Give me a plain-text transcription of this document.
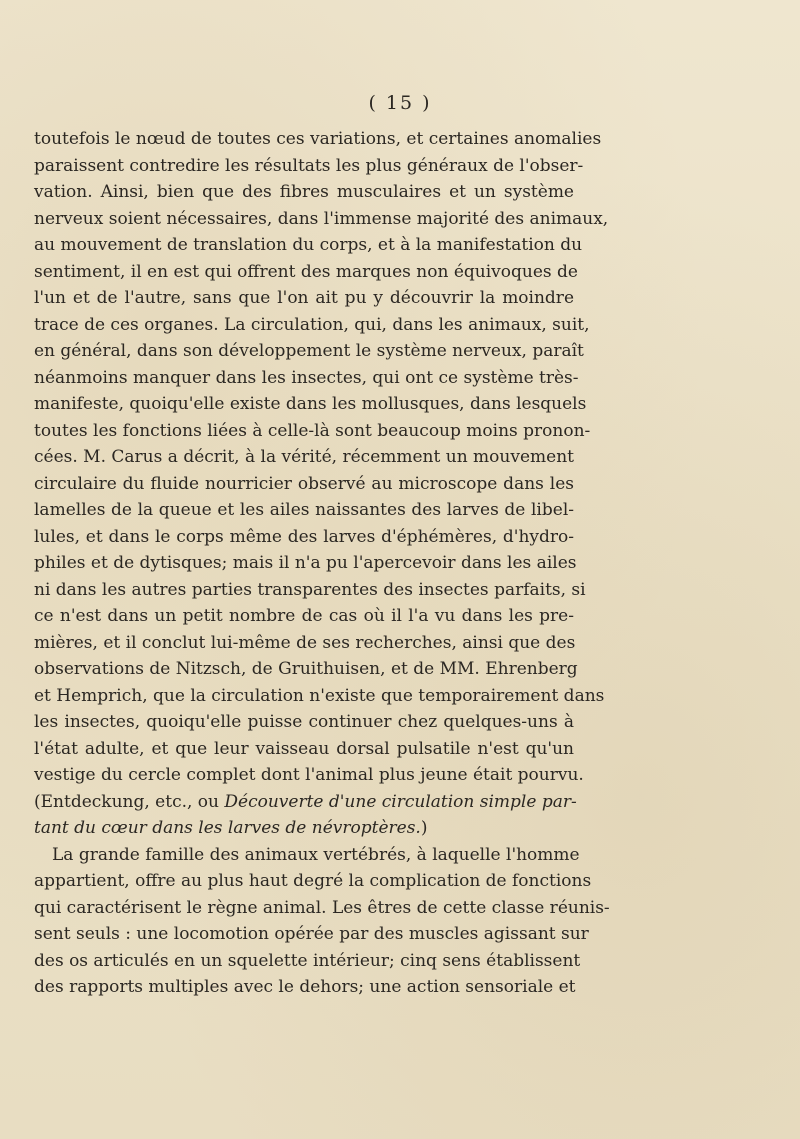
( 15 )
toutefois le nœud de toutes ces variations, et certaines anomalies
paraissent contredire les résultats les plus généraux de l'obser-
vation. Ainsi, bien que des fibres musculaires et un système
nerveux soient nécessaires, dans l'immense majorité des animaux,
au mouvement de translation du corps, et à la manifestation du
sentiment, il en est qui offrent des marques non équivoques de
l'un et de l'autre, sans que l'on ait pu y découvrir la moindre
trace de ces organes. La circulation, qui, dans les animaux, suit,
en général, dans son développement le système nerveux, paraît
néanmoins manquer dans les insectes, qui ont ce système très-
manifeste, quoiqu'elle existe dans les mollusques, dans lesquels
toutes les fonctions liées à celle-là sont beaucoup moins pronon-
cées. M. Carus a décrit, à la vérité, récemment un mouvement
circulaire du fluide nourricier observé au microscope dans les
lamelles de la queue et les ailes naissantes des larves de libel-
lules, et dans le corps même des larves d'éphémères, d'hydro-
philes et de dytisques; mais il n'a pu l'apercevoir dans les ailes
ni dans les autres parties transparentes des insectes parfaits, si
ce n'est dans un petit nombre de cas où il l'a vu dans les pre-
mières, et il conclut lui-même de ses recherches, ainsi que des
observations de Nitzsch, de Gruithuisen, et de MM. Ehrenberg
et Hemprich, que la circulation n'existe que temporairement dans
les insectes, quoiqu'elle puisse continuer chez quelques-uns à
l'état adulte, et que leur vaisseau dorsal pulsatile n'est qu'un
vestige du cercle complet dont l'animal plus jeune était pourvu.
(Entdeckung, etc., ou Découverte d'une circulation simple par-
tant du cœur dans les larves de névroptères.)
La grande famille des animaux vertébrés, à laquelle l'homme
appartient, offre au plus haut degré la complication de fonctions
qui caractérisent le règne animal. Les êtres de cette classe réunis-
sent seuls : une locomotion opérée par des muscles agissant sur
des os articulés en un squelette intérieur; cinq sens établissent
des rapports multiples avec le dehors; une action sensoriale et
